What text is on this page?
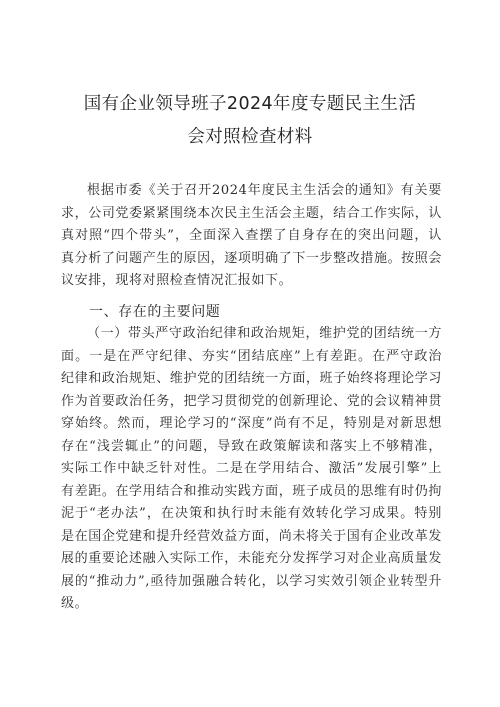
国有企业领导班子2024年度专题民主生活
会对照检查材料
根据市委《关于召开2024年度民主生活会的通知》有关要求，公司党委紧紧围绕本次民主生活会主题，结合工作实际，认真对照“四个带头”，全面深入查摆了自身存在的突出问题，认真分析了问题产生的原因，逐项明确了下一步整改措施。按照会议安排，现将对照检查情况汇报如下。
一、存在的主要问题
（一）带头严守政治纪律和政治规矩，维护党的团结统一方面。一是在严守纪律、夯实“团结底座”上有差距。在严守政治纪律和政治规矩、维护党的团结统一方面，班子始终将理论学习作为首要政治任务，把学习贯彻党的创新理论、党的会议精神贯穿始终。然而，理论学习的“深度”尚有不足，特别是对新思想存在“浅尝辄止”的问题，导致在政策解读和落实上不够精准，实际工作中缺乏针对性。二是在学用结合、激活”发展引擎”上有差距。在学用结合和推动实践方面，班子成员的思维有时仍拘泥于“老办法”，在决策和执行时未能有效转化学习成果。特别是在国企党建和提升经营效益方面，尚未将关于国有企业改革发展的重要论述融入实际工作，未能充分发挥学习对企业高质量发展的“推动力”,亟待加强融合转化，以学习实效引领企业转型升级。
